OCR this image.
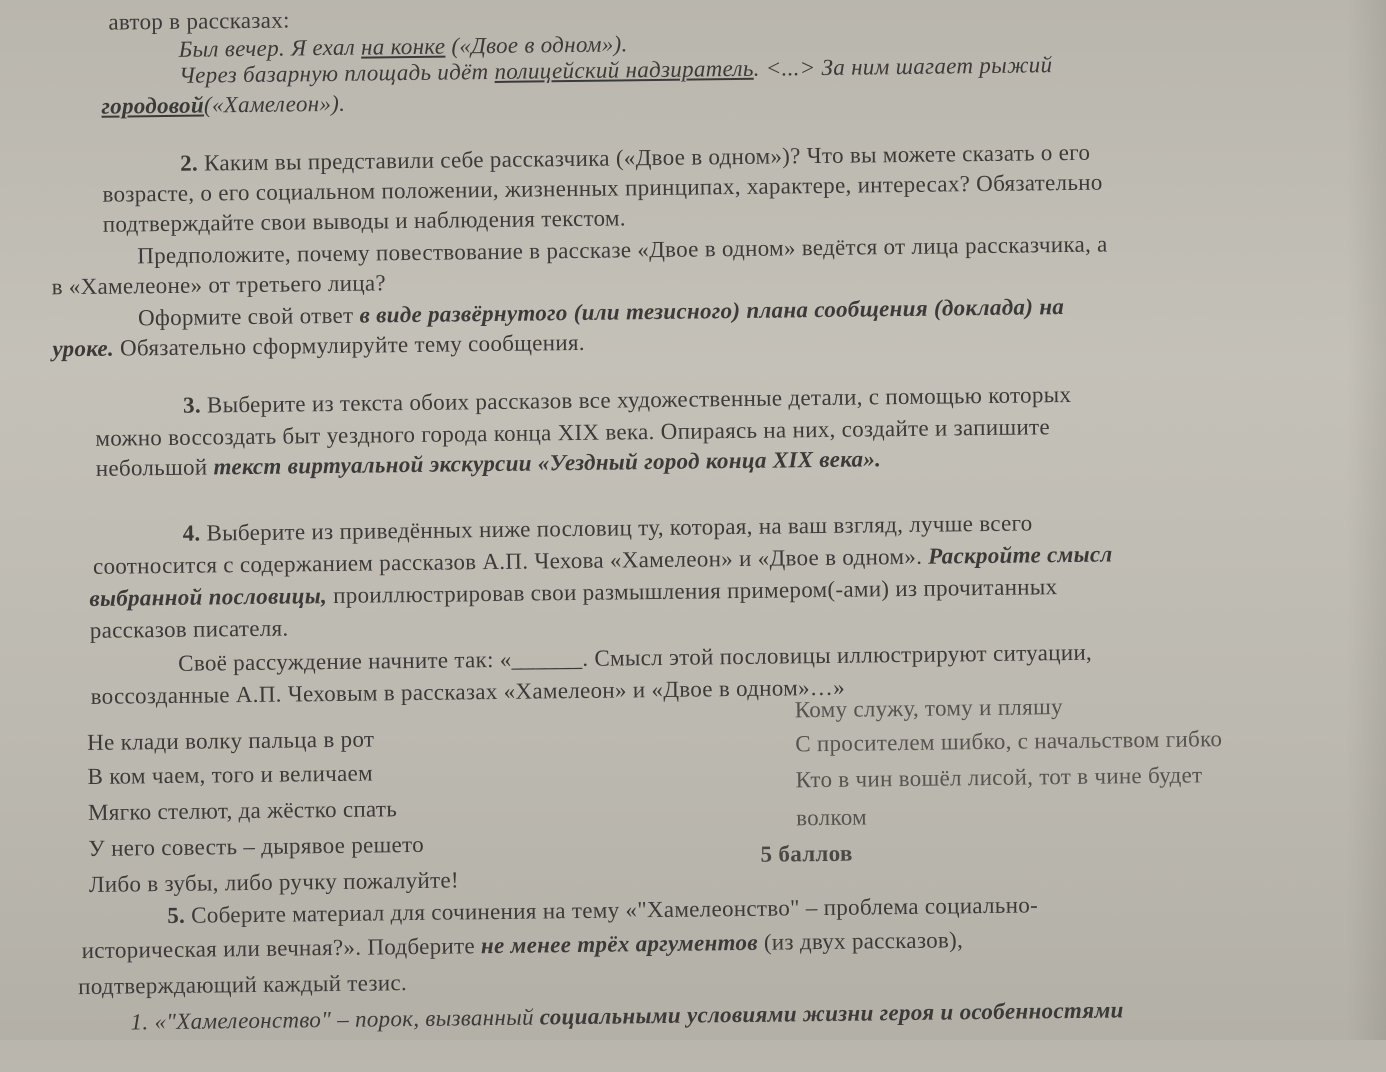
автор в рассказах:
Был вечер. Я ехал на конке («Двое в одном»).
Через базарную площадь идёт полицейский надзиратель. <...> За ним шагает рыжий
городовой(«Хамелеон»).
2. Каким вы представили себе рассказчика («Двое в одном»)? Что вы можете сказать о его
возрасте, о его социальном положении, жизненных принципах, характере, интересах? Обязательно
подтверждайте свои выводы и наблюдения текстом.
Предположите, почему повествование в рассказе «Двое в одном» ведётся от лица рассказчика, а
в «Хамелеоне» от третьего лица?
Оформите свой ответ в виде развёрнутого (или тезисного) плана сообщения (доклада) на
уроке. Обязательно сформулируйте тему сообщения.
3. Выберите из текста обоих рассказов все художественные детали, с помощью которых
можно воссоздать быт уездного города конца XIX века. Опираясь на них, создайте и запишите
небольшой текст виртуальной экскурсии «Уездный город конца XIX века».
4. Выберите из приведённых ниже пословиц ту, которая, на ваш взгляд, лучше всего
соотносится с содержанием рассказов А.П. Чехова «Хамелеон» и «Двое в одном». Раскройте смысл
выбранной пословицы, проиллюстрировав свои размышления примером(-ами) из прочитанных
рассказов писателя.
Своё рассуждение начните так: «______. Смысл этой пословицы иллюстрируют ситуации,
воссозданные А.П. Чеховым в рассказах «Хамелеон» и «Двое в одном»…»
Не клади волку пальца в рот
В ком чаем, того и величаем
Мягко стелют, да жёстко спать
У него совесть – дырявое решето
Либо в зубы, либо ручку пожалуйте!
Кому служу, тому и пляшу
С просителем шибко, с начальством гибко
Кто в чин вошёл лисой, тот в чине будет
волком
5 баллов
5. Соберите материал для сочинения на тему «"Хамелеонство" – проблема социально-
историческая или вечная?». Подберите не менее трёх аргументов (из двух рассказов),
подтверждающий каждый тезис.
1. «"Хамелеонство" – порок, вызванный социальными условиями жизни героя и особенностями
